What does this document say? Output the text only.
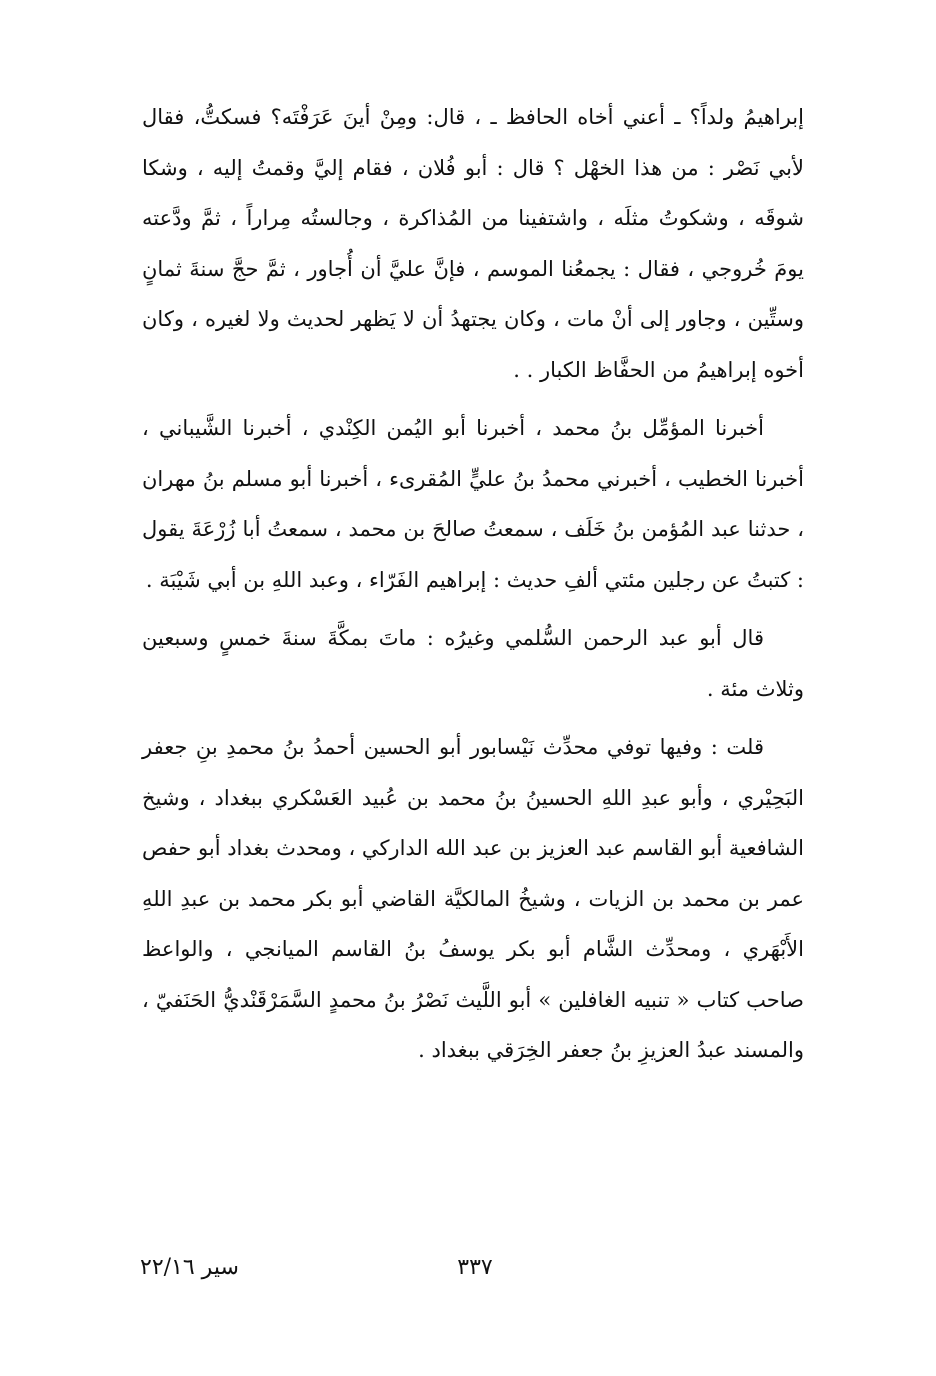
إبراهيمُ ولداً؟ ـ أعني أخاه الحافظ ـ ، قال: ومِنْ أينَ عَرَفْتَه؟ فسكتُّ، فقال لأبي نَصْر : من هذا الخهْل ؟ قال : أبو فُلان ، فقام إليَّ وقمتُ إليه ، وشكا شوقَه ، وشكوتُ مثلَه ، واشتفينا من المُذاكرة ، وجالستُه مِراراً ، ثمَّ ودَّعته يومَ خُروجي ، فقال : يجمعُنا الموسم ، فإنَّ عليَّ أن أُجاور ، ثمَّ حجَّ سنةَ ثمانٍ وستِّين ، وجاور إلى أنْ مات ، وكان يجتهدُ أن لا يَظهر لحديث ولا لغيره ، وكان أخوه إبراهيمُ من الحفَّاظ الكبار . .

أخبرنا المؤمِّل بنُ محمد ، أخبرنا أبو اليُمن الكِنْدي ، أخبرنا الشَّيباني ، أخبرنا الخطيب ، أخبرني محمدُ بنُ عليٍّ المُقرىء ، أخبرنا أبو مسلم بنُ مهران ، حدثنا عبد المُؤمن بنُ خَلَف ، سمعتُ صالحَ بن محمد ، سمعتُ أبا زُرْعَةَ يقول : كتبتُ عن رجلين مئتي ألفِ حديث : إبراهيم الفَرّاء ، وعبد اللهِ بن أبي شَيْبَة .

قال أبو عبد الرحمن السُّلمي وغيرُه : ماتَ بمكَّةَ سنةَ خمسٍ وسبعين وثلاث مئة .

قلت : وفيها توفي محدِّث نَيْسابور أبو الحسين أحمدُ بنُ محمدِ بنِ جعفر البَحِيْري ، وأبو عبدِ اللهِ الحسينُ بنُ محمد بن عُبيد العَسْكري ببغداد ، وشيخ الشافعية أبو القاسم عبد العزيز بن عبد الله الداركي ، ومحدث بغداد أبو حفص عمر بن محمد بن الزيات ، وشيخُ المالكيَّة القاضي أبو بكر محمد بن عبدِ اللهِ الأَبْهَري ، ومحدِّث الشَّام أبو بكر يوسفُ بنُ القاسم الميانجي ، والواعظ صاحب كتاب « تنبيه الغافلين » أبو اللَّيث نَصْرُ بنُ محمدٍ السَّمَرْقَنْديُّ الحَنَفيّ ، والمسند عبدُ العزيزِ بنُ جعفر الخِرَقي ببغداد .

٣٣٧
سير ٢٢/١٦
